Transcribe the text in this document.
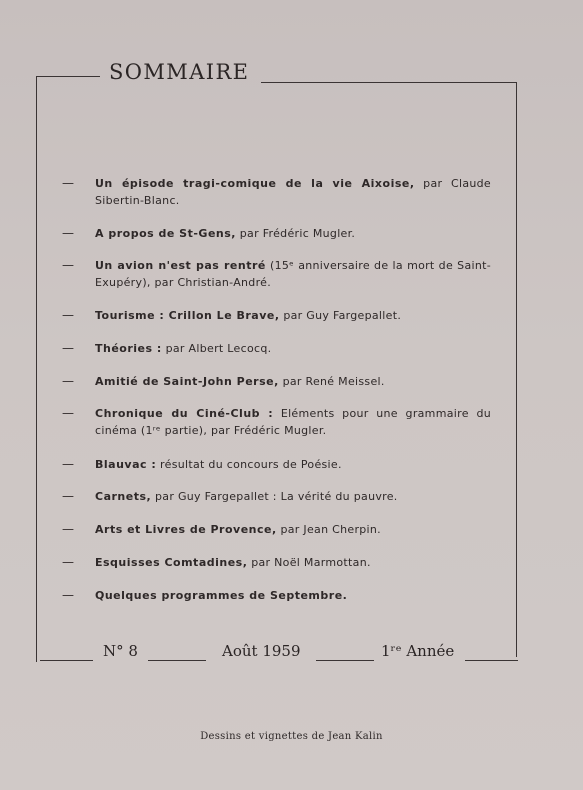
SOMMAIRE
— Un épisode tragi-comique de la vie Aixoise, par Claude Sibertin-Blanc.
— A propos de St-Gens, par Frédéric Mugler.
— Un avion n'est pas rentré (15ᵉ anniversaire de la mort de Saint-Exupéry), par Christian-André.
— Tourisme : Crillon Le Brave, par Guy Fargepallet.
— Théories : par Albert Lecocq.
— Amitié de Saint-John Perse, par René Meissel.
— Chronique du Ciné-Club : Eléments pour une grammaire du cinéma (1ʳᵉ partie), par Frédéric Mugler.
— Blauvac : résultat du concours de Poésie.
— Carnets, par Guy Fargepallet : La vérité du pauvre.
— Arts et Livres de Provence, par Jean Cherpin.
— Esquisses Comtadines, par Noël Marmottan.
— Quelques programmes de Septembre.
N° 8	Août 1959	1ʳᵉ Année
Dessins et vignettes de Jean Kalin
